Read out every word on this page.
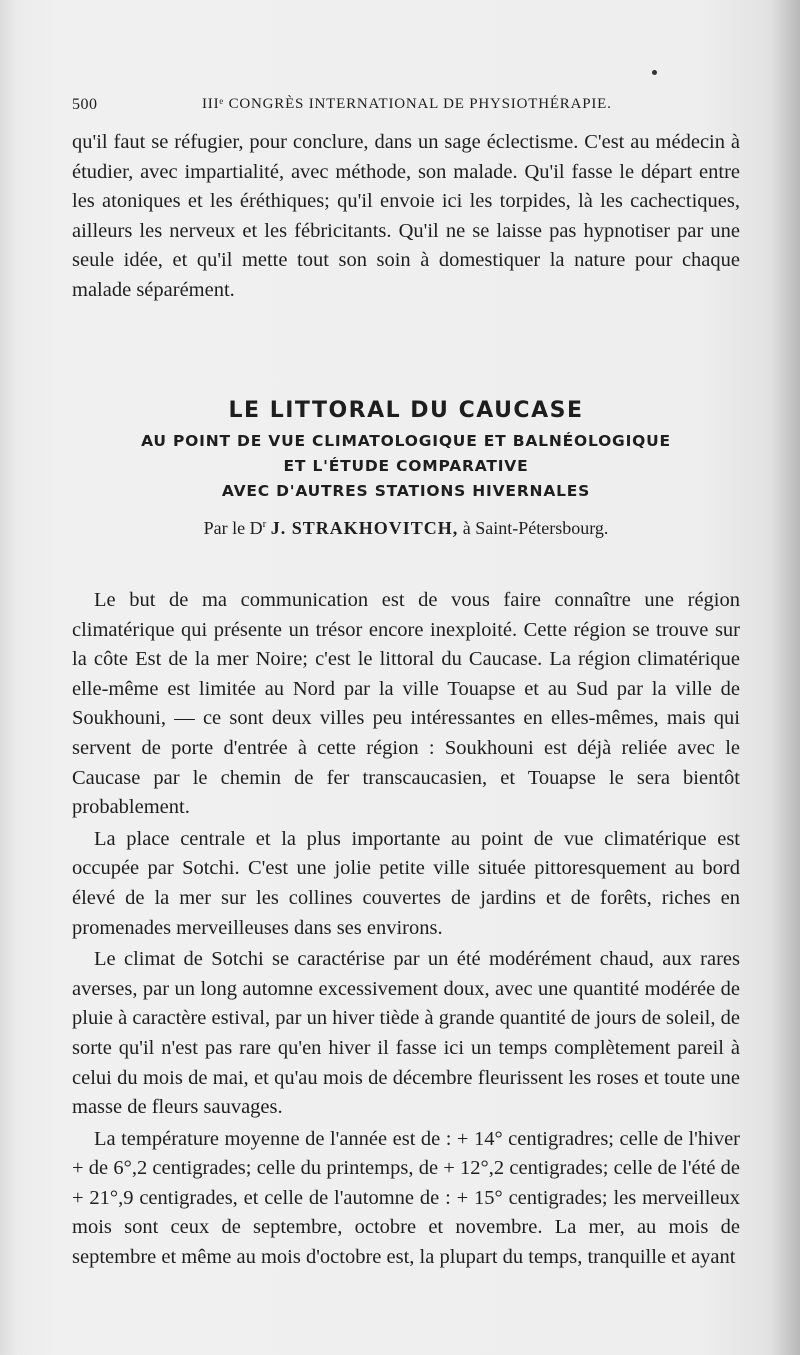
500	IIIᵉ CONGRÈS INTERNATIONAL DE PHYSIOTHÉRAPIE.

qu'il faut se réfugier, pour conclure, dans un sage éclectisme. C'est au médecin à étudier, avec impartialité, avec méthode, son malade. Qu'il fasse le départ entre les atoniques et les éréthiques; qu'il envoie ici les torpides, là les cachectiques, ailleurs les nerveux et les fébricitants. Qu'il ne se laisse pas hypnotiser par une seule idée, et qu'il mette tout son soin à domestiquer la nature pour chaque malade séparément.

LE LITTORAL DU CAUCASE
AU POINT DE VUE CLIMATOLOGIQUE ET BALNÉOLOGIQUE
ET L'ÉTUDE COMPARATIVE
AVEC D'AUTRES STATIONS HIVERNALES
Par le $D^r$ J. STRAKHOVITCH, à Saint-Pétersbourg.

Le but de ma communication est de vous faire connaître une région climatérique qui présente un trésor encore inexploité. Cette région se trouve sur la côte Est de la mer Noire; c'est le littoral du Caucase. La région climatérique elle-même est limitée au Nord par la ville Touapse et au Sud par la ville de Soukhouni, — ce sont deux villes peu intéressantes en elles-mêmes, mais qui servent de porte d'entrée à cette région : Soukhouni est déjà reliée avec le Caucase par le chemin de fer transcaucasien, et Touapse le sera bientôt probablement.

La place centrale et la plus importante au point de vue climatérique est occupée par Sotchi. C'est une jolie petite ville située pittoresquement au bord élevé de la mer sur les collines couvertes de jardins et de forêts, riches en promenades merveilleuses dans ses environs.

Le climat de Sotchi se caractérise par un été modérément chaud, aux rares averses, par un long automne excessivement doux, avec une quantité modérée de pluie à caractère estival, par un hiver tiède à grande quantité de jours de soleil, de sorte qu'il n'est pas rare qu'en hiver il fasse ici un temps complètement pareil à celui du mois de mai, et qu'au mois de décembre fleurissent les roses et toute une masse de fleurs sauvages.

La température moyenne de l'année est de : + 14° centigradres; celle de l'hiver + de 6°,2 centigrades; celle du printemps, de + 12°,2 centigrades; celle de l'été de + 21°,9 centigrades, et celle de l'automne de : + 15° centigrades; les merveilleux mois sont ceux de septembre, octobre et novembre. La mer, au mois de septembre et même au mois d'octobre est, la plupart du temps, tranquille et ayant
